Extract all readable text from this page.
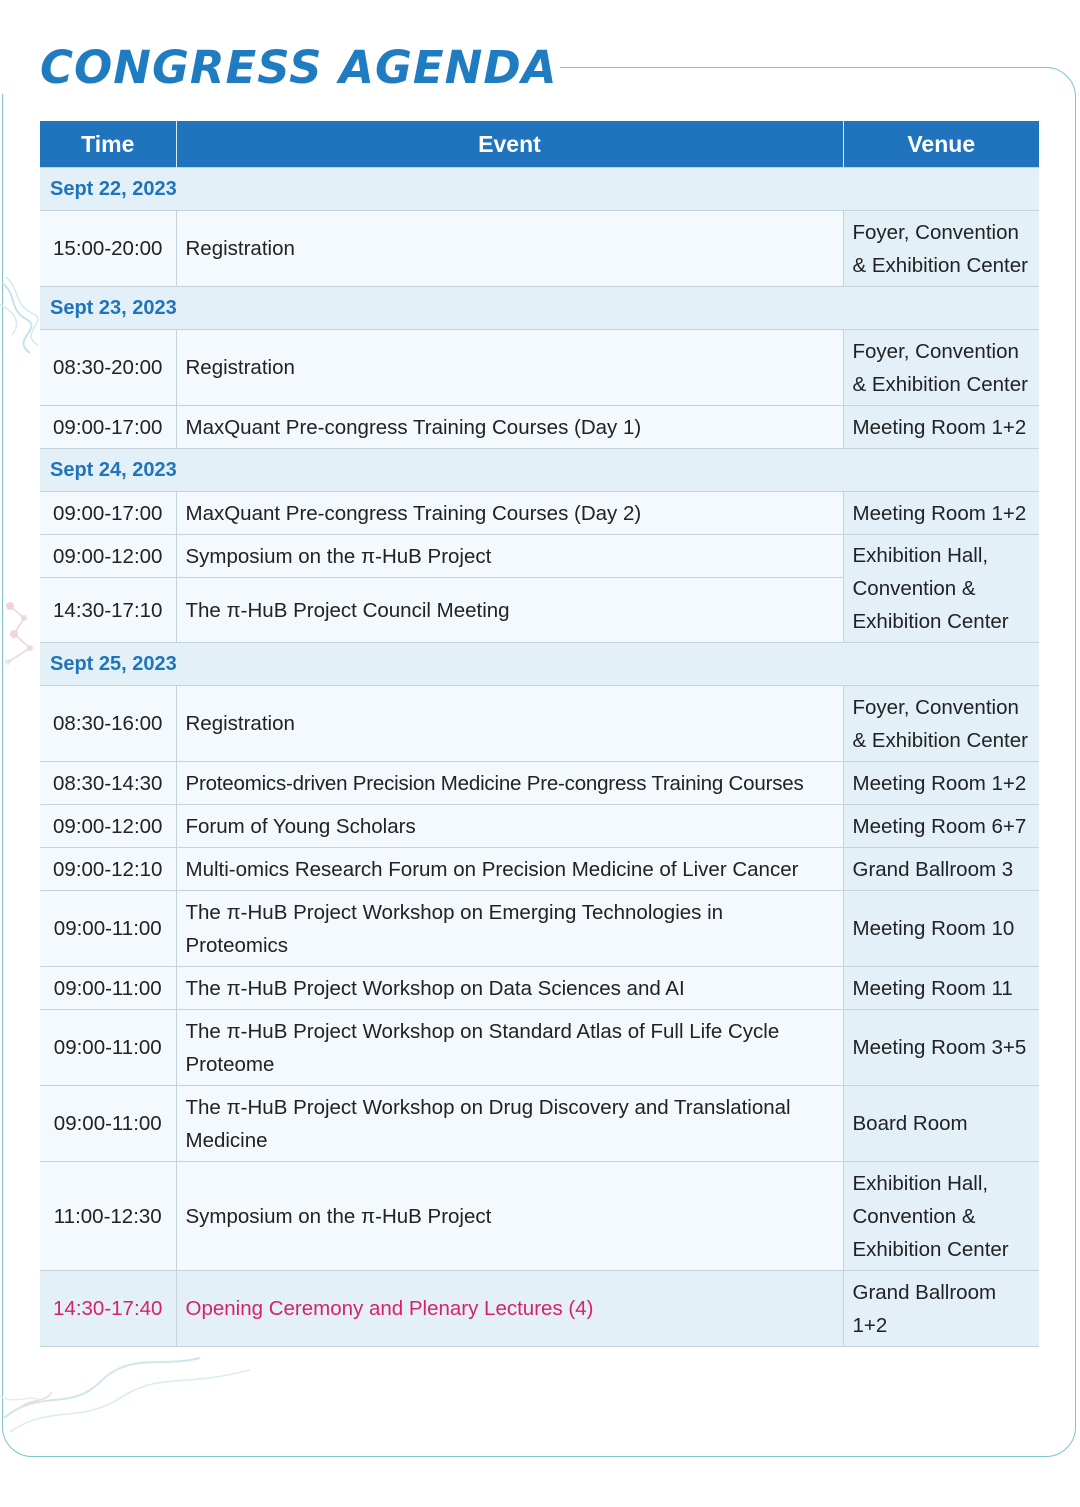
CONGRESS AGENDA
Time	Event	Venue
Sept 22, 2023		
15:00-20:00	Registration	Foyer, Convention
& Exhibition Center

Sept 23, 2023		
08:30-20:00	Registration	Foyer, Convention
& Exhibition Center

09:00-17:00	MaxQuant Pre-congress Training Courses (Day 1)	Meeting Room 1+2

Sept 24, 2023		
09:00-17:00	MaxQuant Pre-congress Training Courses (Day 2)	Meeting Room 1+2

09:00-12:00	Symposium on the π-HuB Project	Exhibition Hall,
Convention &
Exhibition Center

14:30-17:10	The π-HuB Project Council Meeting	
Sept 25, 2023		
08:30-16:00	Registration	Foyer, Convention
& Exhibition Center

08:30-14:30	Proteomics-driven Precision Medicine Pre-congress Training Courses	Meeting Room 1+2

09:00-12:00	Forum of Young Scholars	Meeting Room 6+7

09:00-12:10	Multi-omics Research Forum on Precision Medicine of Liver Cancer	Grand Ballroom 3

09:00-11:00	The π-HuB Project Workshop on Emerging Technologies in
Proteomics	Meeting Room 10

09:00-11:00	The π-HuB Project Workshop on Data Sciences and AI	Meeting Room 11

09:00-11:00	The π-HuB Project Workshop on Standard Atlas of Full Life Cycle
Proteome	Meeting Room 3+5

09:00-11:00	The π-HuB Project Workshop on Drug Discovery and Translational
Medicine	Board Room

11:00-12:30	Symposium on the π-HuB Project	Exhibition Hall,
Convention &
Exhibition Center

14:30-17:40	Opening Ceremony and Plenary Lectures (4)	Grand Ballroom
1+2
